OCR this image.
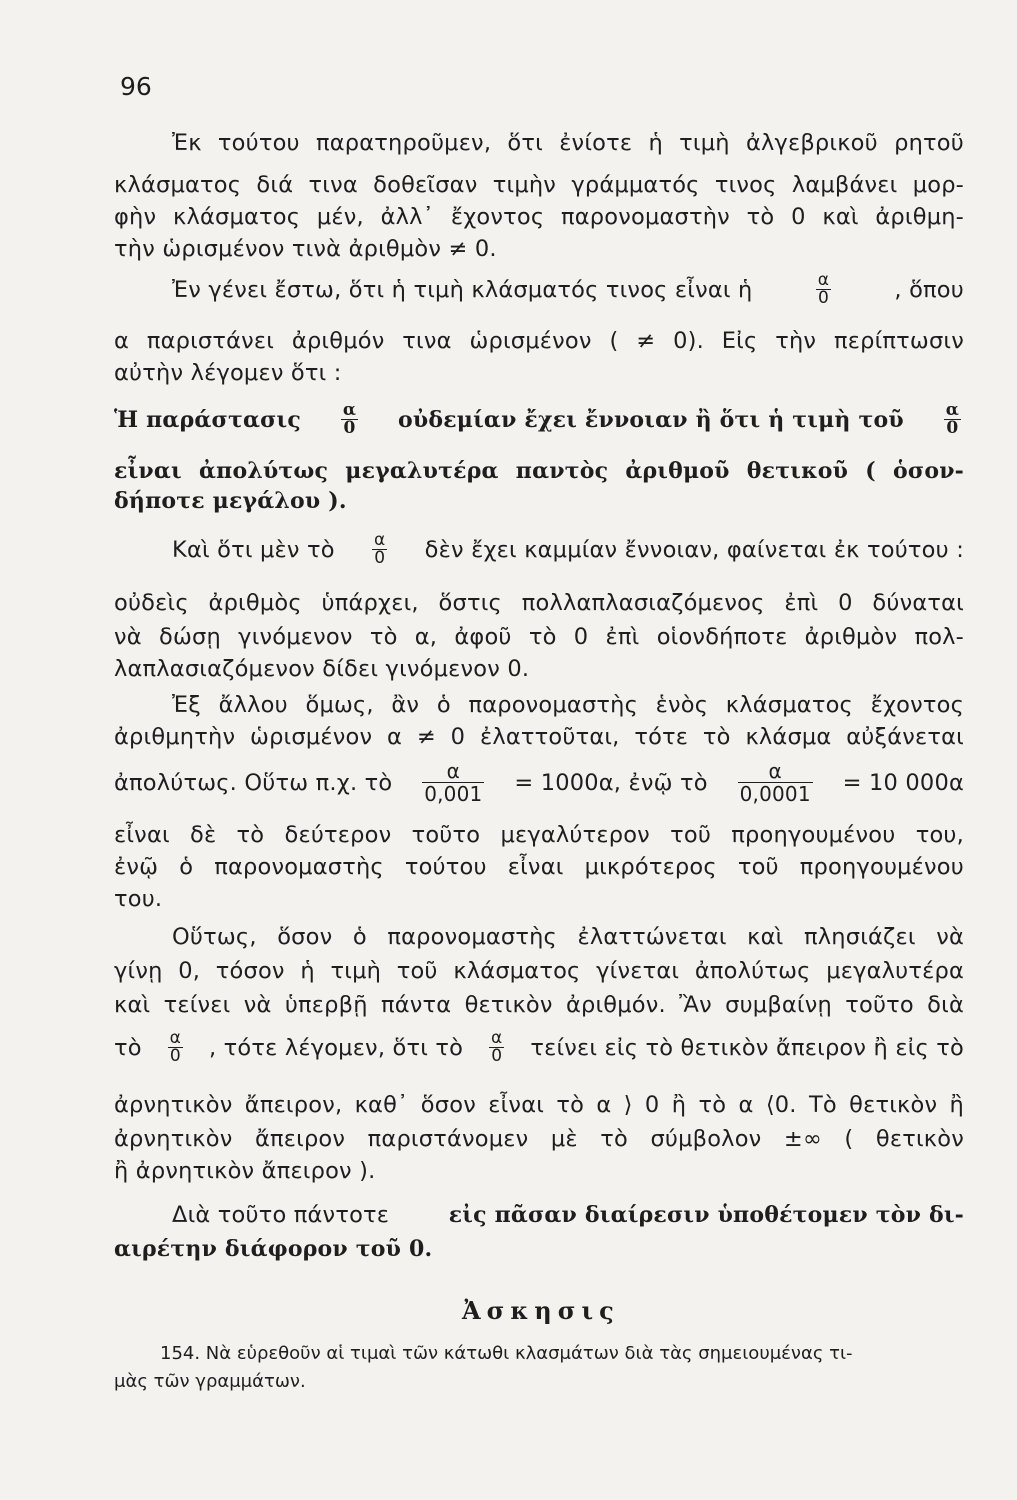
96
Ἐκ τούτου παρατηροῦμεν, ὅτι ἐνίοτε ἡ τιμὴ ἀλγεβρικοῦ ρητοῦ
κλάσματος διά τινα δοθεῖσαν τιμὴν γράμματός τινος λαμβάνει μορ-
φὴν κλάσματος μέν, ἀλλ᾽ ἔχοντος παρονομαστὴν τὸ 0 καὶ ἀριθμη-
τὴν ὡρισμένον τινὰ ἀριθμὸν ≠ 0.
Ἐν γένει ἔστω, ὅτι ἡ τιμὴ κλάσματός τινος εἶναι ἡ	$\frac{\alpha}{0}$	, ὅπου
α παριστάνει ἀριθμόν τινα ὡρισμένον ( ≠ 0). Εἰς τὴν περίπτωσιν
αὐτὴν λέγομεν ὅτι :
Ἡ παράστασις $\frac{\alpha}{0}$ οὐδεμίαν ἔχει ἔννοιαν ἢ ὅτι ἡ τιμὴ τοῦ $\frac{\alpha}{0}$
εἶναι ἀπολύτως μεγαλυτέρα παντὸς ἀριθμοῦ θετικοῦ ( ὁσον-
δήποτε μεγάλου ).
Καὶ ὅτι μὲν τὸ $\frac{\alpha}{0}$ δὲν ἔχει καμμίαν ἔννοιαν, φαίνεται ἐκ τούτου :
οὐδεὶς ἀριθμὸς ὑπάρχει, ὅστις πολλαπλασιαζόμενος ἐπὶ 0 δύναται
νὰ δώσῃ γινόμενον τὸ α, ἀφοῦ τὸ 0 ἐπὶ οἱονδήποτε ἀριθμὸν πολ-
λαπλασιαζόμενον δίδει γινόμενον 0.
Ἐξ ἄλλου ὅμως, ἂν ὁ παρονομαστὴς ἑνὸς κλάσματος ἔχοντος
ἀριθμητὴν ὡρισμένον α ≠ 0 ἐλαττοῦται, τότε τὸ κλάσμα αὐξάνεται
ἀπολύτως. Οὕτω π.χ. τὸ $\frac{\alpha}{0,001} = 1000\alpha$, ἐνῷ τὸ $\frac{\alpha}{0,0001} = 10$ 000α
εἶναι δὲ τὸ δεύτερον τοῦτο μεγαλύτερον τοῦ προηγουμένου του,
ἐνῷ ὁ παρονομαστὴς τούτου εἶναι μικρότερος τοῦ προηγουμένου
του.
Οὕτως, ὅσον ὁ παρονομαστὴς ἐλαττώνεται καὶ πλησιάζει νὰ
γίνῃ 0, τόσον ἡ τιμὴ τοῦ κλάσματος γίνεται ἀπολύτως μεγαλυτέρα
καὶ τείνει νὰ ὑπερβῇ πάντα θετικὸν ἀριθμόν. Ἂν συμβαίνῃ τοῦτο διὰ
τὸ $\frac{\alpha}{0}$ , τότε λέγομεν, ὅτι τὸ $\frac{\alpha}{0}$ τείνει εἰς τὸ θετικὸν ἄπειρον ἢ εἰς τὸ
ἀρνητικὸν ἄπειρον, καθ᾽ ὅσον εἶναι τὸ α ⟩ 0 ἢ τὸ α ⟨0. Τὸ θετικὸν ἢ
ἀρνητικὸν ἄπειρον παριστάνομεν μὲ τὸ σύμβολον ±∞ ( θετικὸν
ἢ ἀρνητικὸν ἄπειρον ).
Διὰ τοῦτο πάντοτε	εἰς πᾶσαν διαίρεσιν ὑποθέτομεν τὸν δι-
αιρέτην διάφορον τοῦ 0.
Ἀσκησις
154. Νὰ εὑρεθοῦν αἱ τιμαὶ τῶν κάτωθι κλασμάτων διὰ τὰς σημειουμένας τι-
μὰς τῶν γραμμάτων.
